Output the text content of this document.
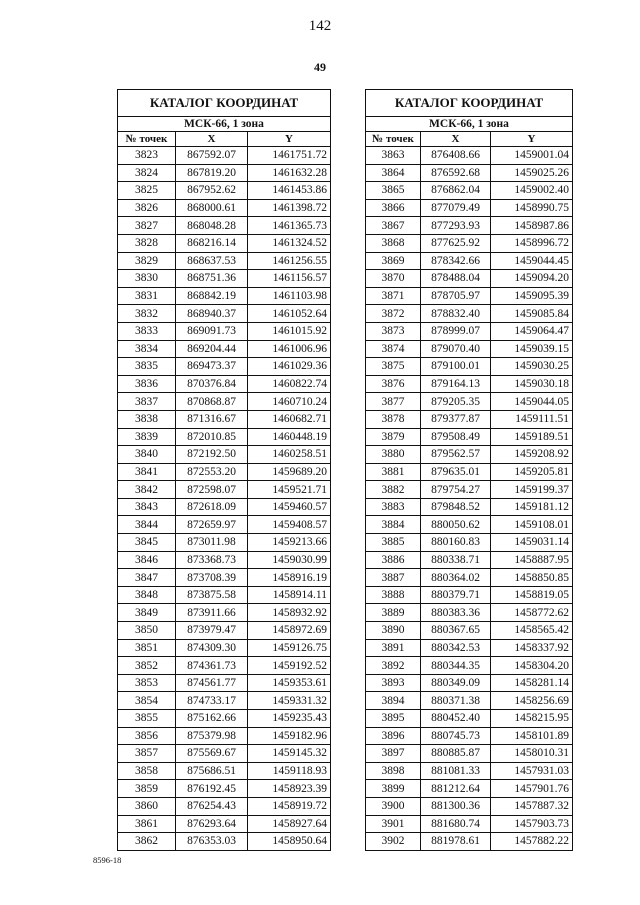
142
49
КАТАЛОГ КООРДИНАТ		
МСК-66, 1 зона		
№ точек	X	Y
3823	867592.07	1461751.72
3824	867819.20	1461632.28
3825	867952.62	1461453.86
3826	868000.61	1461398.72
3827	868048.28	1461365.73
3828	868216.14	1461324.52
3829	868637.53	1461256.55
3830	868751.36	1461156.57
3831	868842.19	1461103.98
3832	868940.37	1461052.64
3833	869091.73	1461015.92
3834	869204.44	1461006.96
3835	869473.37	1461029.36
3836	870376.84	1460822.74
3837	870868.87	1460710.24
3838	871316.67	1460682.71
3839	872010.85	1460448.19
3840	872192.50	1460258.51
3841	872553.20	1459689.20
3842	872598.07	1459521.71
3843	872618.09	1459460.57
3844	872659.97	1459408.57
3845	873011.98	1459213.66
3846	873368.73	1459030.99
3847	873708.39	1458916.19
3848	873875.58	1458914.11
3849	873911.66	1458932.92
3850	873979.47	1458972.69
3851	874309.30	1459126.75
3852	874361.73	1459192.52
3853	874561.77	1459353.61
3854	874733.17	1459331.32
3855	875162.66	1459235.43
3856	875379.98	1459182.96
3857	875569.67	1459145.32
3858	875686.51	1459118.93
3859	876192.45	1458923.39
3860	876254.43	1458919.72
3861	876293.64	1458927.64
3862	876353.03	1458950.64
КАТАЛОГ КООРДИНАТ		
МСК-66, 1 зона		
№ точек	X	Y
3863	876408.66	1459001.04
3864	876592.68	1459025.26
3865	876862.04	1459002.40
3866	877079.49	1458990.75
3867	877293.93	1458987.86
3868	877625.92	1458996.72
3869	878342.66	1459044.45
3870	878488.04	1459094.20
3871	878705.97	1459095.39
3872	878832.40	1459085.84
3873	878999.07	1459064.47
3874	879070.40	1459039.15
3875	879100.01	1459030.25
3876	879164.13	1459030.18
3877	879205.35	1459044.05
3878	879377.87	1459111.51
3879	879508.49	1459189.51
3880	879562.57	1459208.92
3881	879635.01	1459205.81
3882	879754.27	1459199.37
3883	879848.52	1459181.12
3884	880050.62	1459108.01
3885	880160.83	1459031.14
3886	880338.71	1458887.95
3887	880364.02	1458850.85
3888	880379.71	1458819.05
3889	880383.36	1458772.62
3890	880367.65	1458565.42
3891	880342.53	1458337.92
3892	880344.35	1458304.20
3893	880349.09	1458281.14
3894	880371.38	1458256.69
3895	880452.40	1458215.95
3896	880745.73	1458101.89
3897	880885.87	1458010.31
3898	881081.33	1457931.03
3899	881212.64	1457901.76
3900	881300.36	1457887.32
3901	881680.74	1457903.73
3902	881978.61	1457882.22
8596-18
